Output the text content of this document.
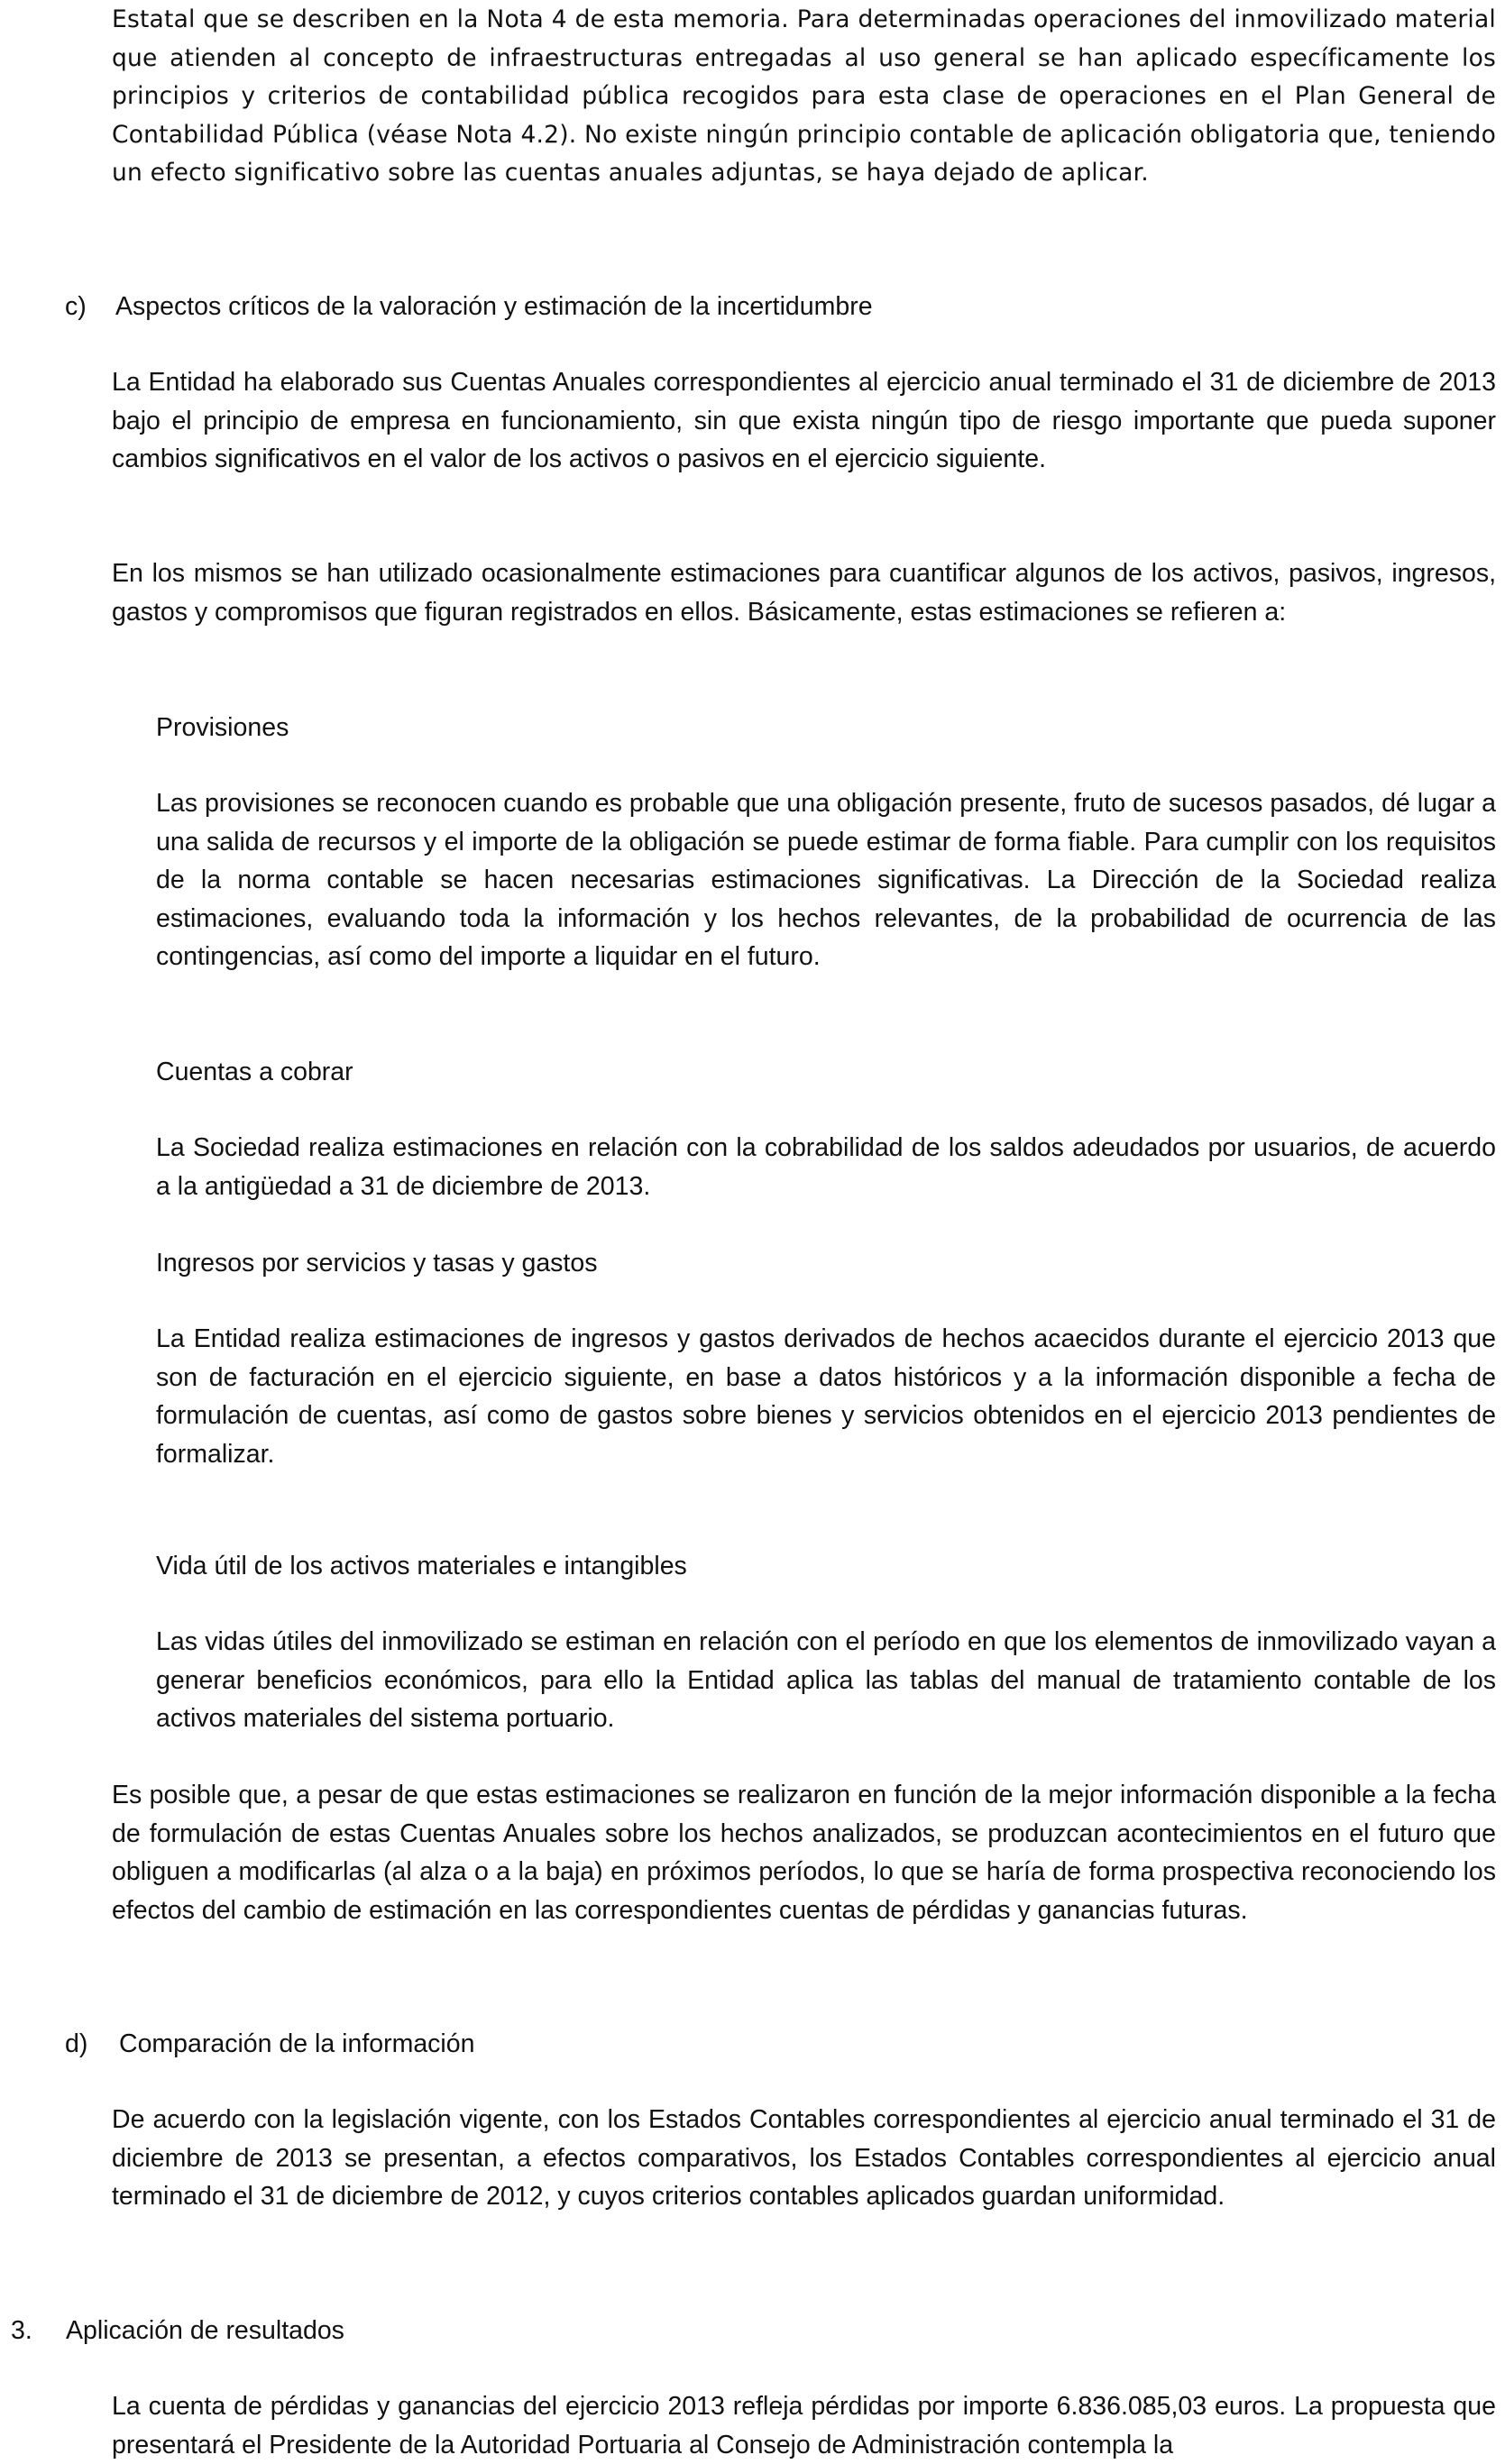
Estatal que se describen en la Nota 4 de esta memoria. Para determinadas operaciones del inmovilizado material que atienden al concepto de infraestructuras entregadas al uso general se han aplicado específicamente los principios y criterios de contabilidad pública recogidos para esta clase de operaciones en el Plan General de Contabilidad Pública (véase Nota 4.2). No existe ningún principio contable de aplicación obligatoria que, teniendo un efecto significativo sobre las cuentas anuales adjuntas, se haya dejado de aplicar.

c) Aspectos críticos de la valoración y estimación de la incertidumbre

La Entidad ha elaborado sus Cuentas Anuales correspondientes al ejercicio anual terminado el 31 de diciembre de 2013 bajo el principio de empresa en funcionamiento, sin que exista ningún tipo de riesgo importante que pueda suponer cambios significativos en el valor de los activos o pasivos en el ejercicio siguiente.

En los mismos se han utilizado ocasionalmente estimaciones para cuantificar algunos de los activos, pasivos, ingresos, gastos y compromisos que figuran registrados en ellos. Básicamente, estas estimaciones se refieren a:

Provisiones

Las provisiones se reconocen cuando es probable que una obligación presente, fruto de sucesos pasados, dé lugar a una salida de recursos y el importe de la obligación se puede estimar de forma fiable. Para cumplir con los requisitos de la norma contable se hacen necesarias estimaciones significativas. La Dirección de la Sociedad realiza estimaciones, evaluando toda la información y los hechos relevantes, de la probabilidad de ocurrencia de las contingencias, así como del importe a liquidar en el futuro.

Cuentas a cobrar

La Sociedad realiza estimaciones en relación con la cobrabilidad de los saldos adeudados por usuarios, de acuerdo a la antigüedad a 31 de diciembre de 2013.

Ingresos por servicios y tasas y gastos

La Entidad realiza estimaciones de ingresos y gastos derivados de hechos acaecidos durante el ejercicio 2013 que son de facturación en el ejercicio siguiente, en base a datos históricos y a la información disponible a fecha de formulación de cuentas, así como de gastos sobre bienes y servicios obtenidos en el ejercicio 2013 pendientes de formalizar.

Vida útil de los activos materiales e intangibles

Las vidas útiles del inmovilizado se estiman en relación con el período en que los elementos de inmovilizado vayan a generar beneficios económicos, para ello la Entidad aplica las tablas del manual de tratamiento contable de los activos materiales del sistema portuario.

Es posible que, a pesar de que estas estimaciones se realizaron en función de la mejor información disponible a la fecha de formulación de estas Cuentas Anuales sobre los hechos analizados, se produzcan acontecimientos en el futuro que obliguen a modificarlas (al alza o a la baja) en próximos períodos, lo que se haría de forma prospectiva reconociendo los efectos del cambio de estimación en las correspondientes cuentas de pérdidas y ganancias futuras.

d) Comparación de la información

De acuerdo con la legislación vigente, con los Estados Contables correspondientes al ejercicio anual terminado el 31 de diciembre de 2013 se presentan, a efectos comparativos, los Estados Contables correspondientes al ejercicio anual terminado el 31 de diciembre de 2012, y cuyos criterios contables aplicados guardan uniformidad.

3. Aplicación de resultados

La cuenta de pérdidas y ganancias del ejercicio 2013 refleja pérdidas por importe 6.836.085,03 euros. La propuesta que presentará el Presidente de la Autoridad Portuaria al Consejo de Administración contempla la
